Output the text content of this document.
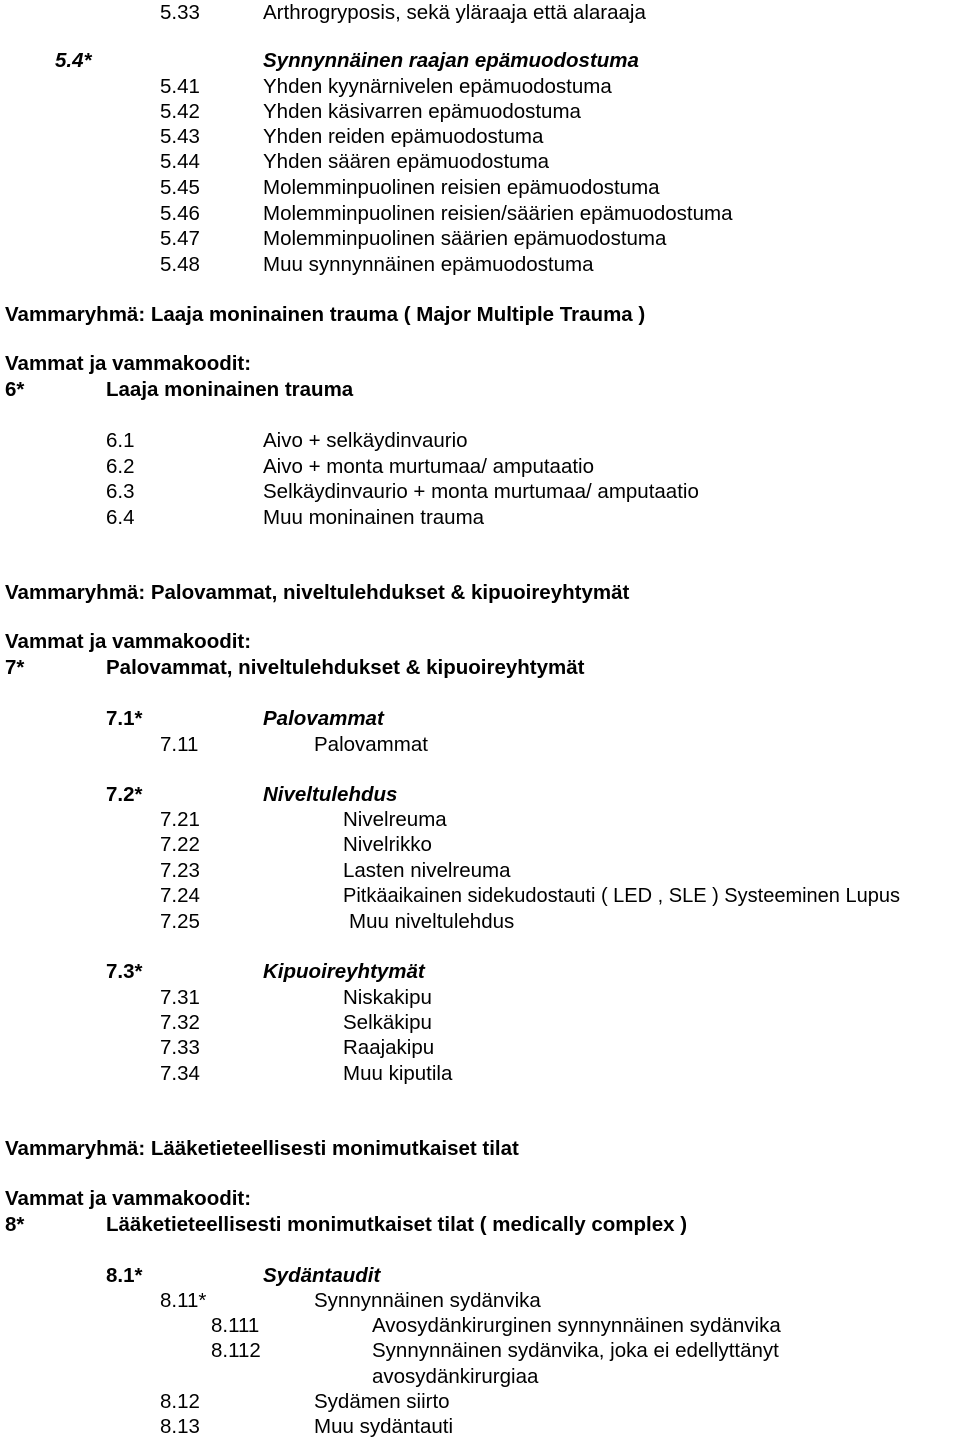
5.33	Arthrogryposis, sekä yläraaja että alaraaja
5.4*	Synnynnäinen raajan epämuodostuma
5.41	Yhden kyynärnivelen epämuodostuma
5.42	Yhden käsivarren epämuodostuma
5.43	Yhden reiden epämuodostuma
5.44	Yhden säären epämuodostuma
5.45	Molemminpuolinen reisien epämuodostuma
5.46	Molemminpuolinen reisien/säärien epämuodostuma
5.47	Molemminpuolinen säärien epämuodostuma
5.48	Muu synnynnäinen epämuodostuma
Vammaryhmä: Laaja moninainen trauma ( Major Multiple Trauma )
Vammat ja vammakoodit:
6*	Laaja moninainen trauma
6.1	Aivo + selkäydinvaurio
6.2	Aivo + monta murtumaa/ amputaatio
6.3	Selkäydinvaurio + monta murtumaa/ amputaatio
6.4	Muu moninainen trauma
Vammaryhmä: Palovammat, niveltulehdukset & kipuoireyhtymät
Vammat ja vammakoodit:
7*	Palovammat, niveltulehdukset & kipuoireyhtymät
7.1*	Palovammat
7.11	Palovammat
7.2*	Niveltulehdus
7.21	Nivelreuma
7.22	Nivelrikko
7.23	Lasten nivelreuma
7.24	Pitkäaikainen sidekudostauti ( LED , SLE ) Systeeminen Lupus
7.25	Muu niveltulehdus
7.3*	Kipuoireyhtymät
7.31	Niskakipu
7.32	Selkäkipu
7.33	Raajakipu
7.34	Muu kiputila
Vammaryhmä: Lääketieteellisesti monimutkaiset tilat
Vammat ja vammakoodit:
8*	Lääketieteellisesti monimutkaiset tilat ( medically complex )
8.1*	Sydäntaudit
8.11*	Synnynnäinen sydänvika
8.111	Avosydänkirurginen synnynnäinen sydänvika
8.112	Synnynnäinen sydänvika, joka ei edellyttänyt
avosydänkirurgiaa
8.12	Sydämen siirto
8.13	Muu sydäntauti
